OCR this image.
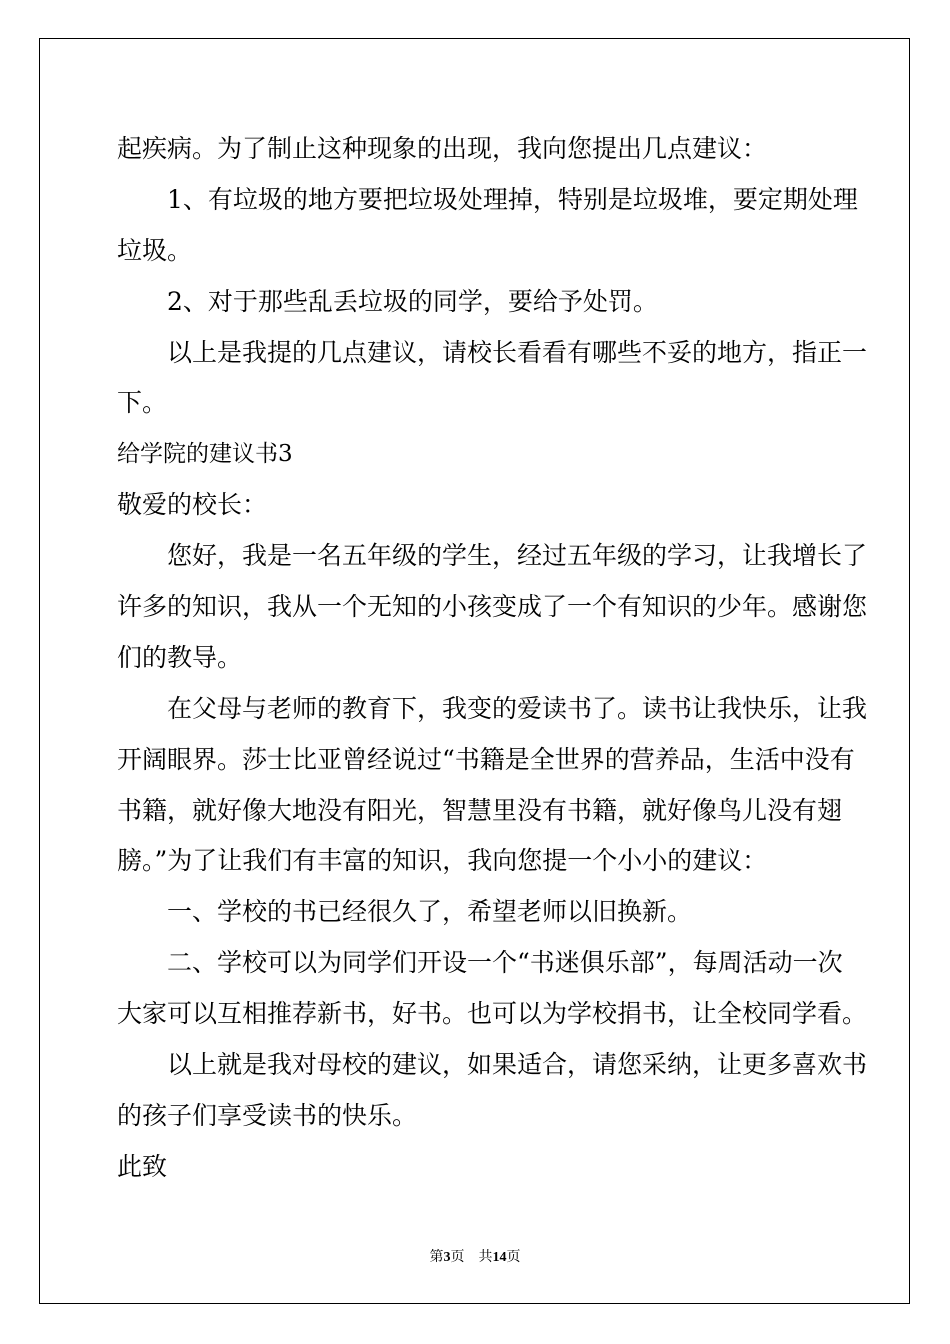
起疾病。为了制止这种现象的出现，我向您提出几点建议：
1、有垃圾的地方要把垃圾处理掉，特别是垃圾堆，要定期处理
垃圾。
2、对于那些乱丢垃圾的同学，要给予处罚。
以上是我提的几点建议，请校长看看有哪些不妥的地方，指正一
下。
给学院的建议书3
敬爱的校长：
您好，我是一名五年级的学生，经过五年级的学习，让我增长了
许多的知识，我从一个无知的小孩变成了一个有知识的少年。感谢您
们的教导。
在父母与老师的教育下，我变的爱读书了。读书让我快乐，让我
开阔眼界。莎士比亚曾经说过“书籍是全世界的营养品，生活中没有
书籍，就好像大地没有阳光，智慧里没有书籍，就好像鸟儿没有翅
膀。”为了让我们有丰富的知识，我向您提一个小小的建议：
一、学校的书已经很久了，希望老师以旧换新。
二、学校可以为同学们开设一个“书迷俱乐部”，每周活动一次
大家可以互相推荐新书，好书。也可以为学校捐书，让全校同学看。
以上就是我对母校的建议，如果适合，请您采纳，让更多喜欢书
的孩子们享受读书的快乐。
此致
第3页 共14页
